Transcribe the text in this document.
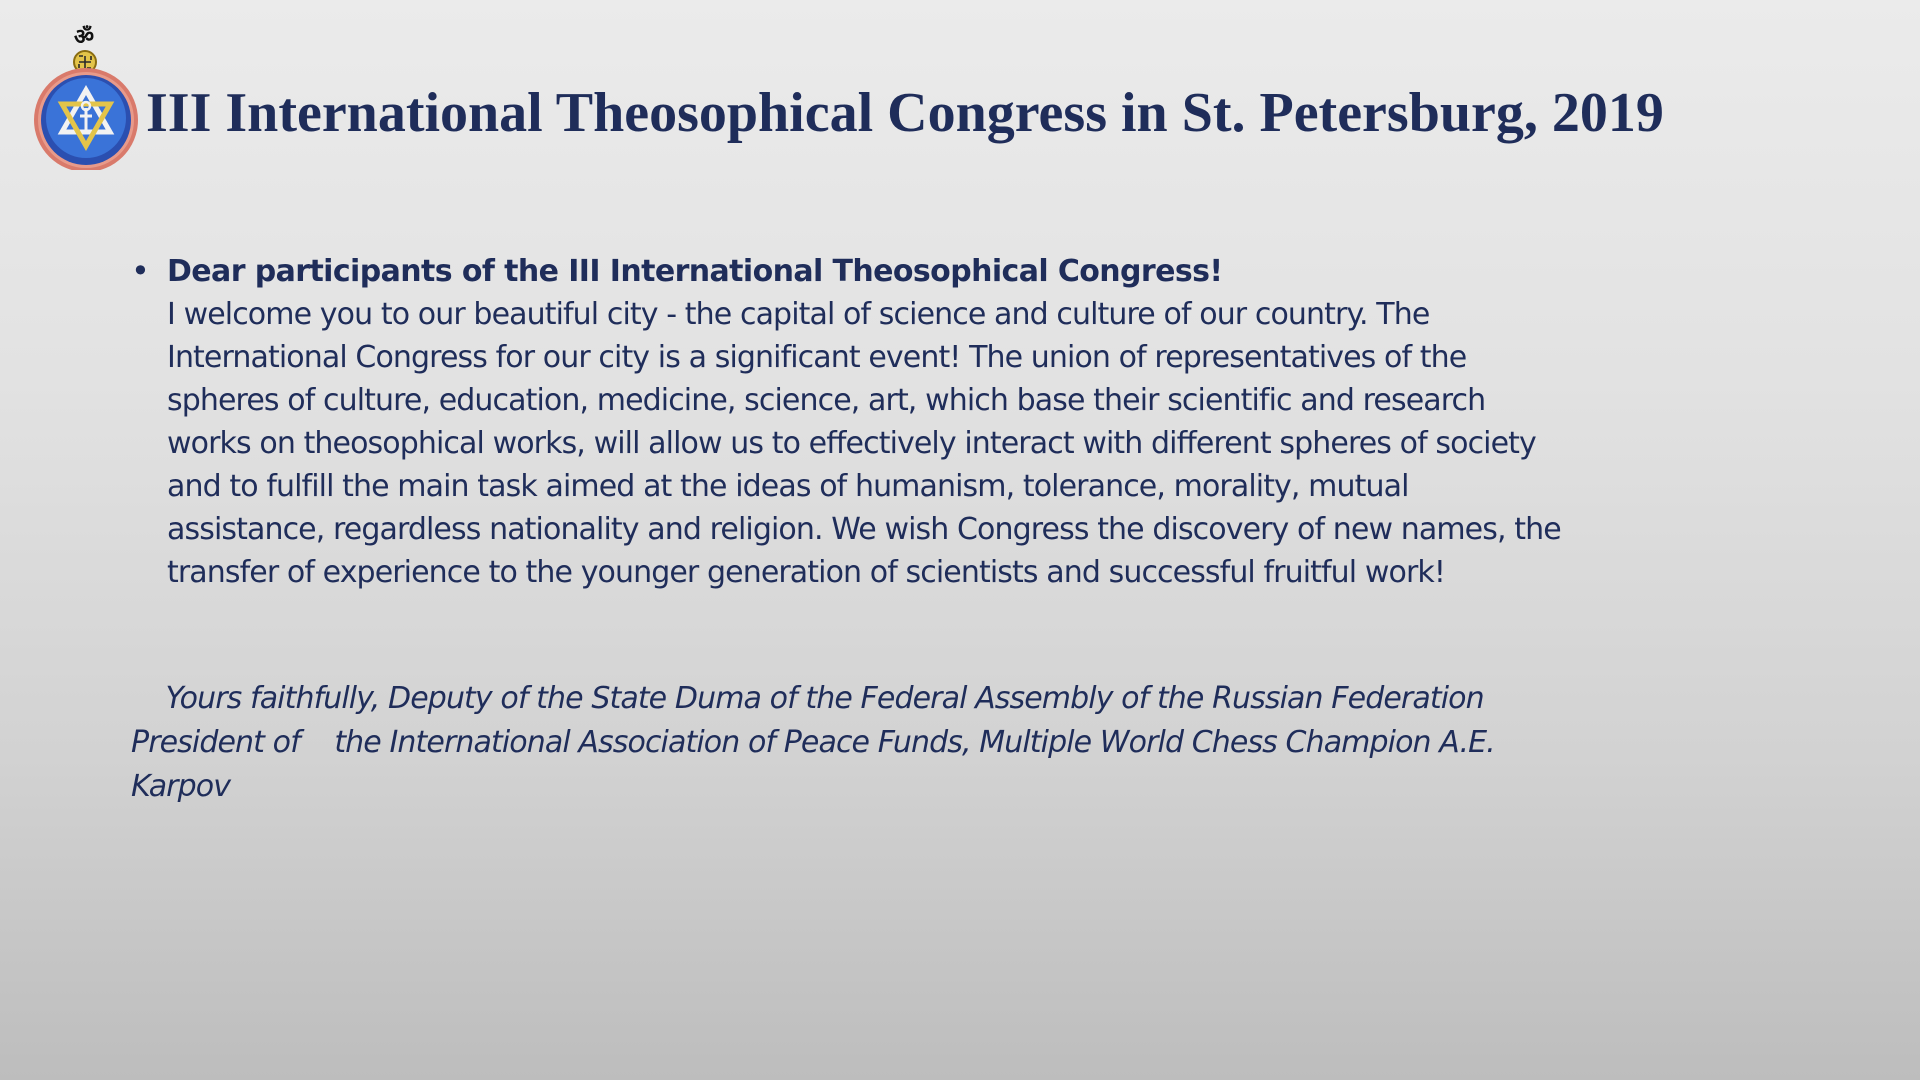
ॐ
III International Theosophical Congress in St. Petersburg, 2019
• Dear participants of the III International Theosophical Congress!
I welcome you to our beautiful city - the capital of science and culture of our country. The
International Congress for our city is a significant event! The union of representatives of the
spheres of culture, education, medicine, science, art, which base their scientific and research
works on theosophical works, will allow us to effectively interact with different spheres of society
and to fulfill the main task aimed at the ideas of humanism, tolerance, morality, mutual
assistance, regardless nationality and religion. We wish Congress the discovery of new names, the
transfer of experience to the younger generation of scientists and successful fruitful work!
Yours faithfully, Deputy of the State Duma of the Federal Assembly of the Russian Federation
President of    the International Association of Peace Funds, Multiple World Chess Champion A.E.
Karpov
